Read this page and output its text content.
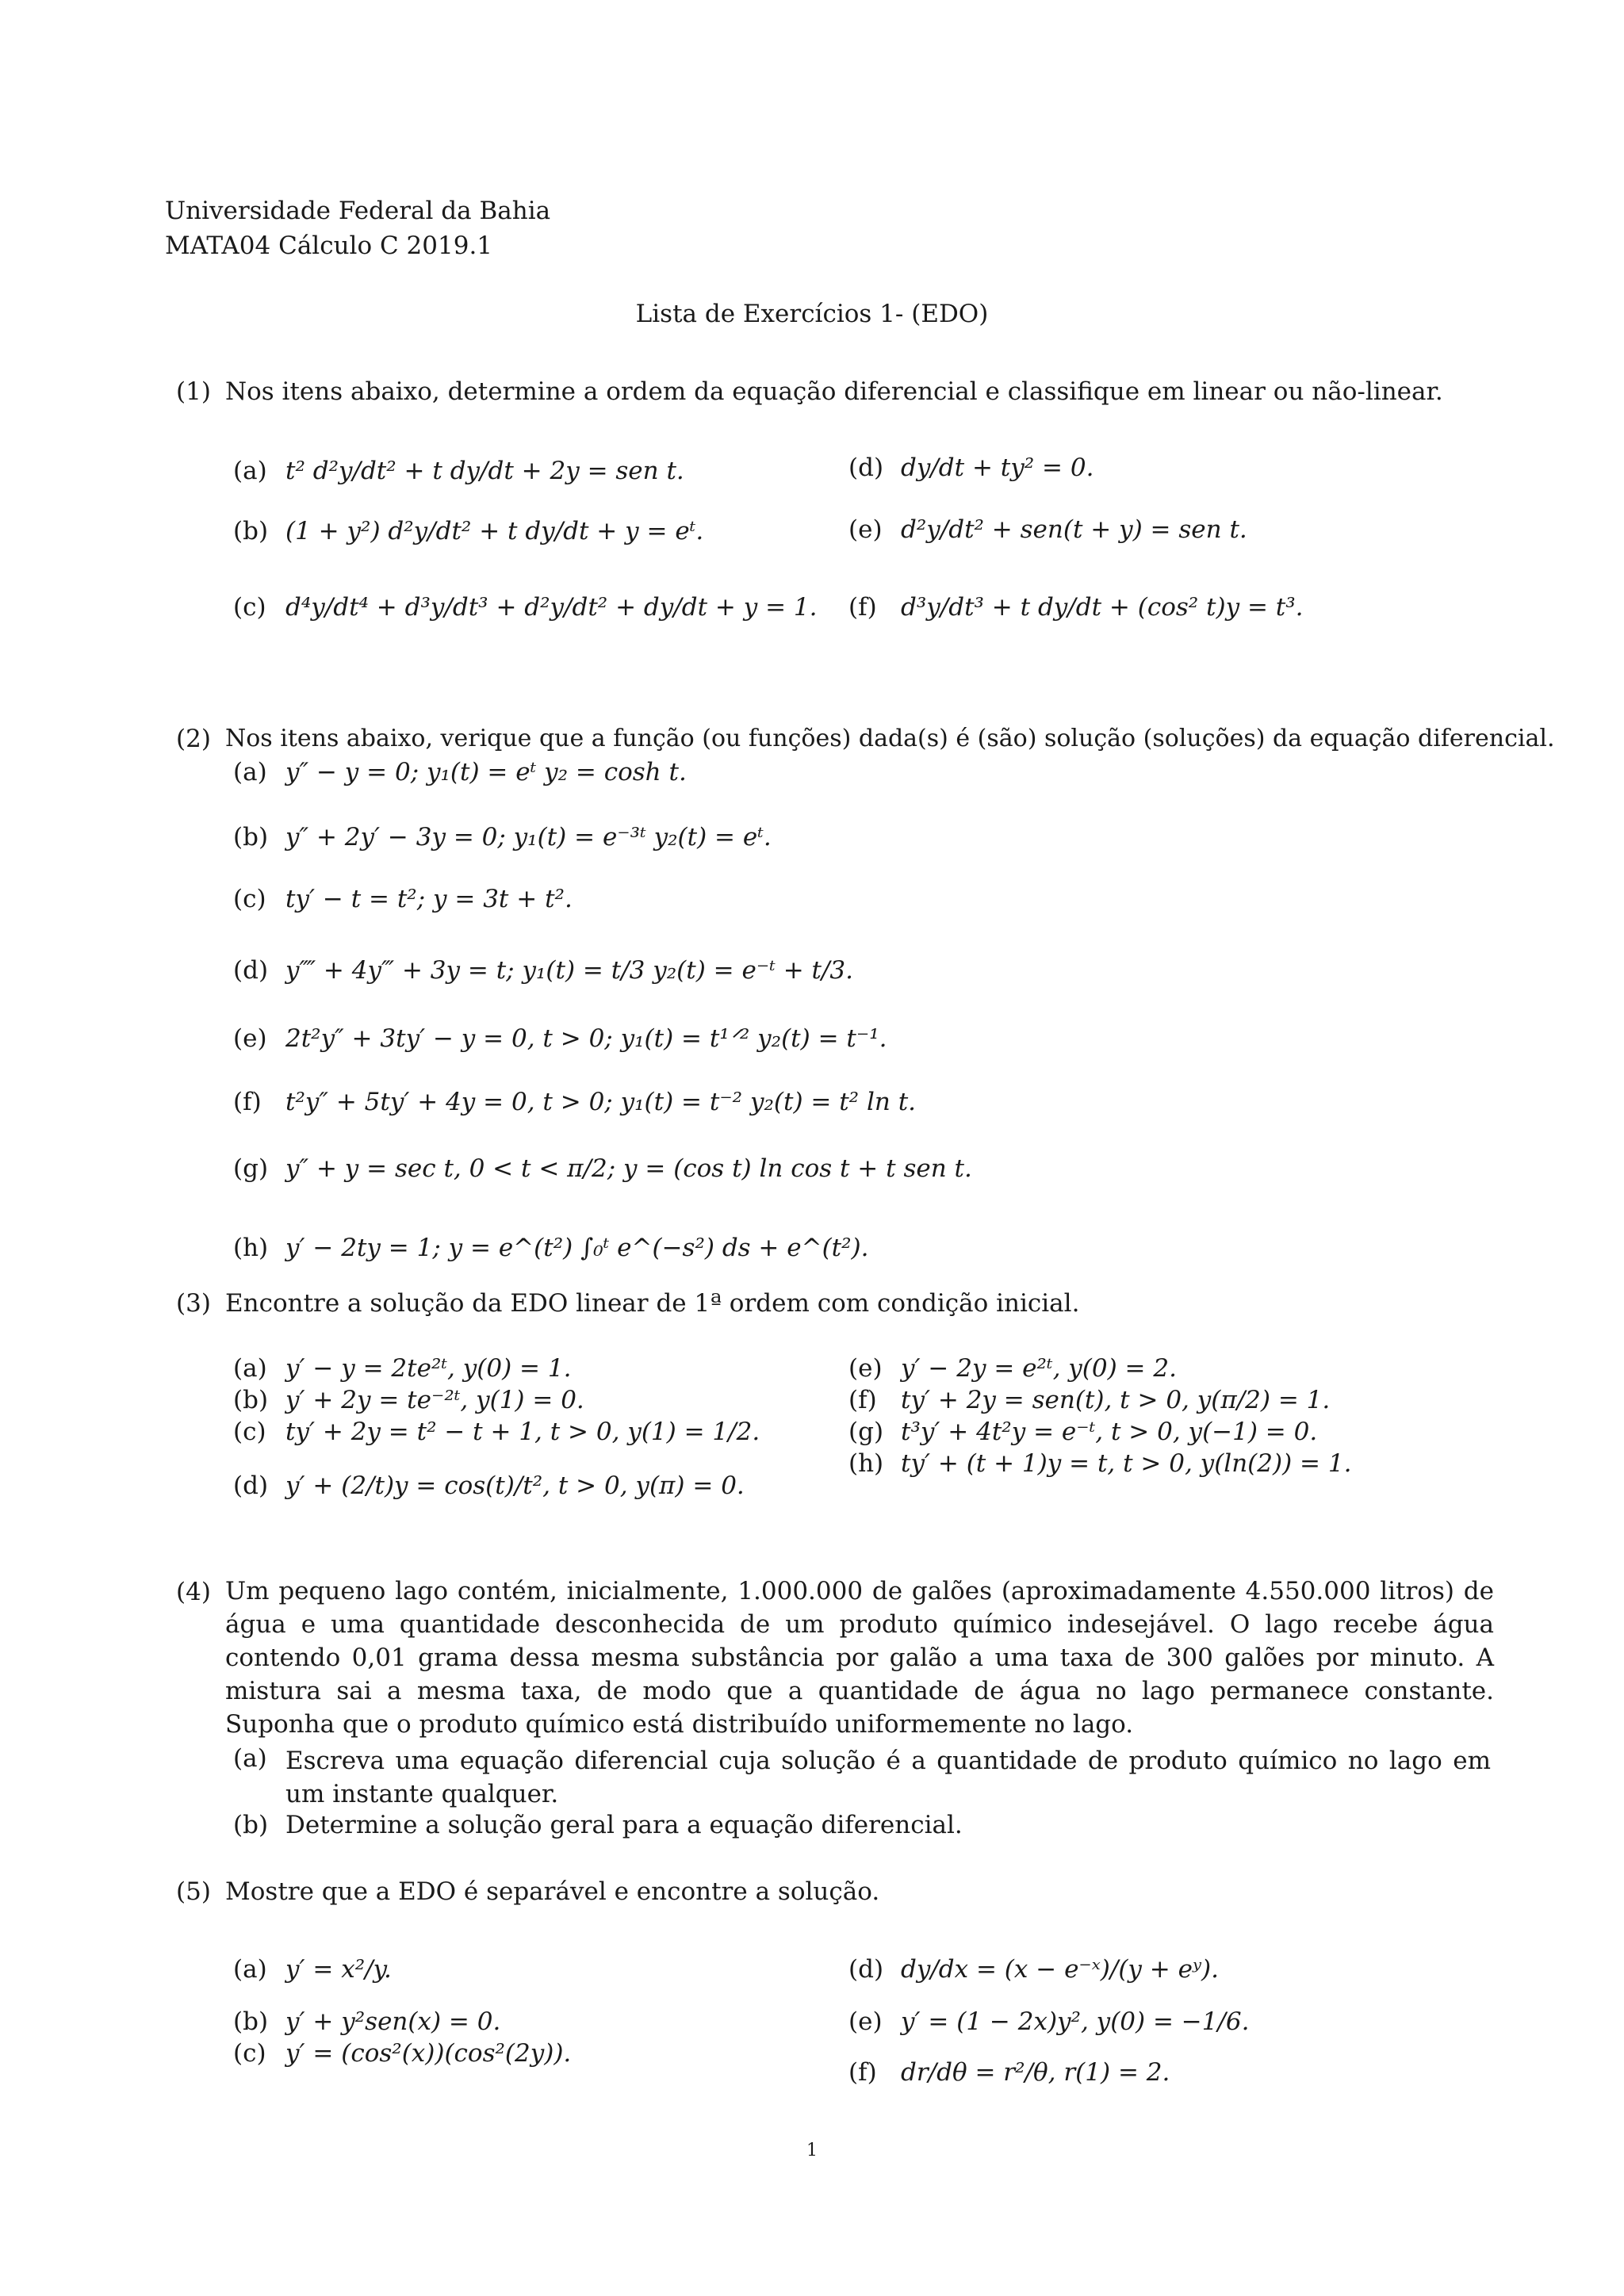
Universidade Federal da Bahia
MATA04 Cálculo C 2019.1
Lista de Exercícios 1- (EDO)
(1) Nos itens abaixo, determine a ordem da equação diferencial e classifique em linear ou não-linear.
(a) t² d²y/dt² + t dy/dt + 2y = sen t.
(b) (1 + y²) d²y/dt² + t dy/dt + y = eᵗ.
(c) d⁴y/dt⁴ + d³y/dt³ + d²y/dt² + dy/dt + y = 1.
(d) dy/dt + ty² = 0.
(e) d²y/dt² + sen(t + y) = sen t.
(f) d³y/dt³ + t dy/dt + (cos² t)y = t³.
(2) Nos itens abaixo, verique que a função (ou funções) dada(s) é (são) solução (soluções) da equação diferencial.
(a) y″ − y = 0; y₁(t) = eᵗ y₂ = cosh t.
(b) y″ + 2y′ − 3y = 0; y₁(t) = e⁻³ᵗ y₂(t) = eᵗ.
(c) ty′ − t = t²; y = 3t + t².
(d) y⁗ + 4y‴ + 3y = t; y₁(t) = t/3 y₂(t) = e⁻ᵗ + t/3.
(e) 2t²y″ + 3ty′ − y = 0, t > 0; y₁(t) = t¹ᐟ² y₂(t) = t⁻¹.
(f) t²y″ + 5ty′ + 4y = 0, t > 0; y₁(t) = t⁻² y₂(t) = t² ln t.
(g) y″ + y = sec t, 0 < t < π/2; y = (cos t) ln cos t + t sen t.
(h) y′ − 2ty = 1; y = e^(t²) ∫₀ᵗ e^(−s²) ds + e^(t²).
(3) Encontre a solução da EDO linear de 1ª ordem com condição inicial.
(a) y′ − y = 2te²ᵗ, y(0) = 1.
(b) y′ + 2y = te⁻²ᵗ, y(1) = 0.
(c) ty′ + 2y = t² − t + 1, t > 0, y(1) = 1/2.
(d) y′ + (2/t)y = cos(t)/t², t > 0, y(π) = 0.
(e) y′ − 2y = e²ᵗ, y(0) = 2.
(f) ty′ + 2y = sen(t), t > 0, y(π/2) = 1.
(g) t³y′ + 4t²y = e⁻ᵗ, t > 0, y(−1) = 0.
(h) ty′ + (t + 1)y = t, t > 0, y(ln(2)) = 1.
(4) Um pequeno lago contém, inicialmente, 1.000.000 de galões (aproximadamente 4.550.000 litros) de água e uma quantidade desconhecida de um produto químico indesejável. O lago recebe água contendo 0,01 grama dessa mesma substância por galão a uma taxa de 300 galões por minuto. A mistura sai a mesma taxa, de modo que a quantidade de água no lago permanece constante. Suponha que o produto químico está distribuído uniformemente no lago.
(a) Escreva uma equação diferencial cuja solução é a quantidade de produto químico no lago em um instante qualquer.
(b) Determine a solução geral para a equação diferencial.
(5) Mostre que a EDO é separável e encontre a solução.
(a) y′ = x²/y.
(b) y′ + y²sen(x) = 0.
(c) y′ = (cos²(x))(cos²(2y)).
(d) dy/dx = (x − e⁻ˣ)/(y + eʸ).
(e) y′ = (1 − 2x)y², y(0) = −1/6.
(f) dr/dθ = r²/θ, r(1) = 2.
1
